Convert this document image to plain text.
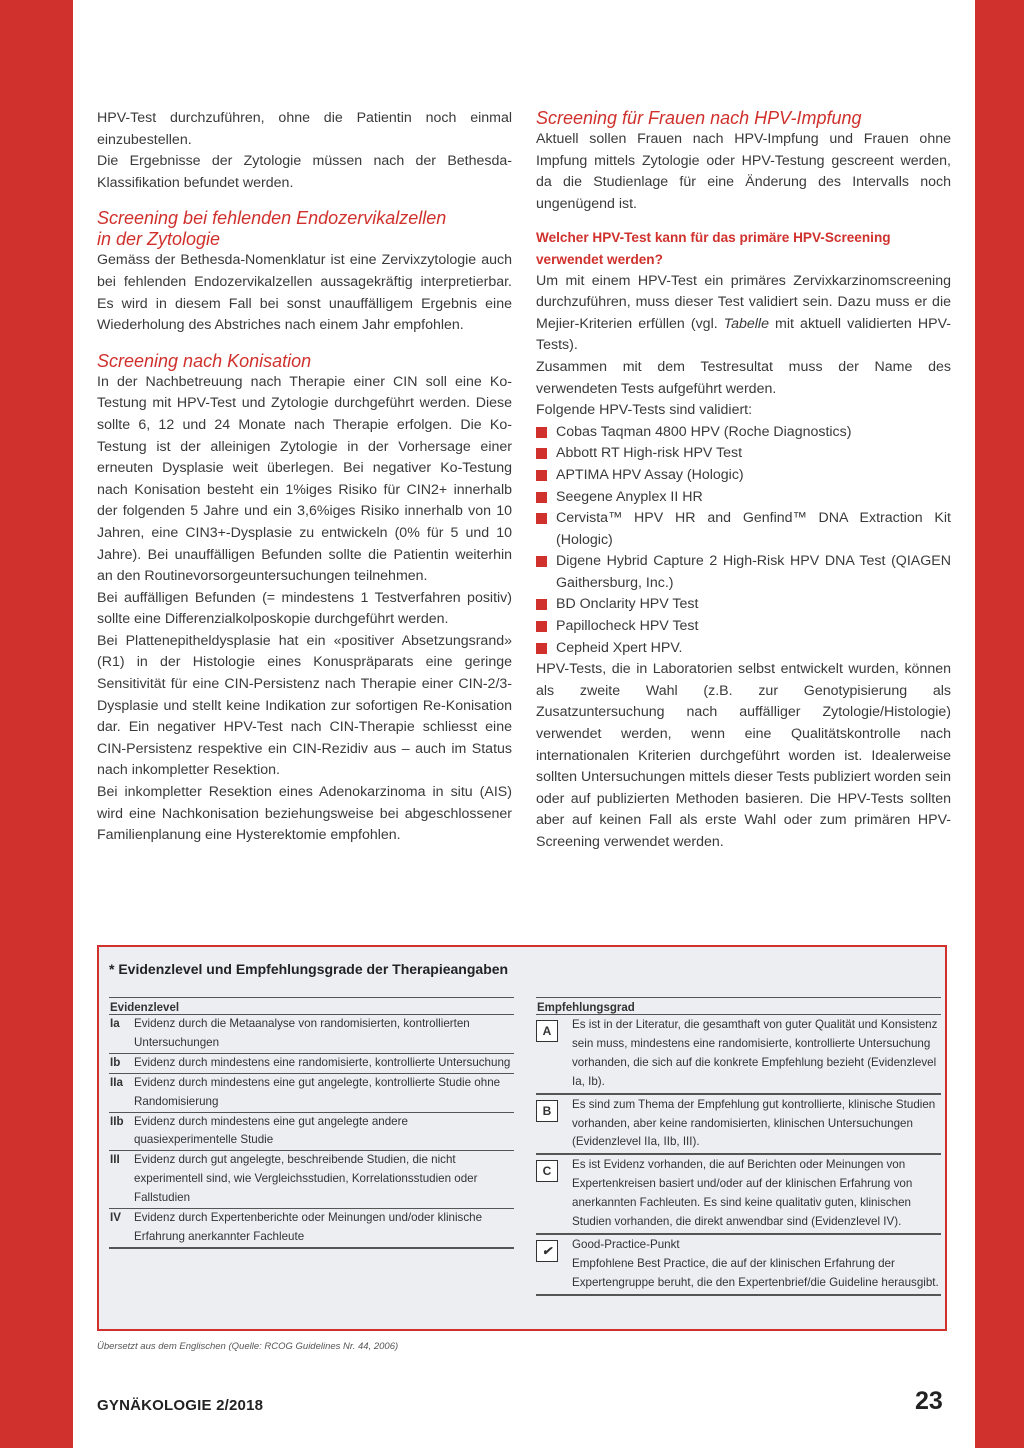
III
IIb

HPV-Test durchzuführen, ohne die Patientin noch einmal einzubestellen.

Die Ergebnisse der Zytologie müssen nach der Bethesda-Klassifikation befundet werden.

Screening bei fehlenden Endozervikalzellen
in der Zytologie

Gemäss der Bethesda-Nomenklatur ist eine Zervixzytologie auch bei fehlenden Endozervikalzellen aussagekräftig interpretierbar. Es wird in diesem Fall bei sonst unauffälligem Ergebnis eine Wiederholung des Abstriches nach einem Jahr empfohlen.

Screening nach Konisation

In der Nachbetreuung nach Therapie einer CIN soll eine Ko-Testung mit HPV-Test und Zytologie durchgeführt werden. Diese sollte 6, 12 und 24 Monate nach Therapie erfolgen. Die Ko-Testung ist der alleinigen Zytologie in der Vorhersage einer erneuten Dysplasie weit überlegen. Bei negativer Ko-Testung nach Konisation besteht ein 1%iges Risiko für CIN2+ innerhalb der folgenden 5 Jahre und ein 3,6%iges Risiko innerhalb von 10 Jahren, eine CIN3+-Dysplasie zu entwickeln (0% für 5 und 10 Jahre). Bei unauffälligen Befunden sollte die Patientin weiterhin an den Routinevorsorgeuntersuchungen teilnehmen.

Bei auffälligen Befunden (= mindestens 1 Testverfahren positiv) sollte eine Differenzialkolposkopie durchgeführt werden.

Bei Plattenepitheldysplasie hat ein «positiver Absetzungsrand» (R1) in der Histologie eines Konuspräparats eine geringe Sensitivität für eine CIN-Persistenz nach Therapie einer CIN-2/3-Dysplasie und stellt keine Indikation zur sofortigen Re-Konisation dar. Ein negativer HPV-Test nach CIN-Therapie schliesst eine CIN-Persistenz respektive ein CIN-Rezidiv aus – auch im Status nach inkompletter Resektion.

Bei inkompletter Resektion eines Adenokarzinoma in situ (AIS) wird eine Nachkonisation beziehungsweise bei abgeschlossener Familienplanung eine Hysterektomie empfohlen.

Screening für Frauen nach HPV-Impfung

Aktuell sollen Frauen nach HPV-Impfung und Frauen ohne Impfung mittels Zytologie oder HPV-Testung gescreent werden, da die Studienlage für eine Änderung des Intervalls noch ungenügend ist.

Welcher HPV-Test kann für das primäre HPV-Screening verwendet werden?

Um mit einem HPV-Test ein primäres Zervixkarzinomscreening durchzuführen, muss dieser Test validiert sein. Dazu muss er die Mejier-Kriterien erfüllen (vgl. Tabelle mit aktuell validierten HPV-Tests).

Zusammen mit dem Testresultat muss der Name des verwendeten Tests aufgeführt werden.

Folgende HPV-Tests sind validiert:

Cobas Taqman 4800 HPV (Roche Diagnostics)
Abbott RT High-risk HPV Test
APTIMA HPV Assay (Hologic)
Seegene Anyplex II HR
Cervista™ HPV HR and Genfind™ DNA Extraction Kit (Hologic)
Digene Hybrid Capture 2 High-Risk HPV DNA Test (QIAGEN Gaithersburg, Inc.)
BD Onclarity HPV Test
Papillocheck HPV Test
Cepheid Xpert HPV.

HPV-Tests, die in Laboratorien selbst entwickelt wurden, können als zweite Wahl (z.B. zur Genotypisierung als Zusatzuntersuchung nach auffälliger Zytologie/Histologie) verwendet werden, wenn eine Qualitätskontrolle nach internationalen Kriterien durchgeführt worden ist. Idealerweise sollten Untersuchungen mittels dieser Tests publiziert worden sein oder auf publizierten Methoden basieren. Die HPV-Tests sollten aber auf keinen Fall als erste Wahl oder zum primären HPV-Screening verwendet werden.

* Evidenzlevel und Empfehlungsgrade der Therapieangaben
Evidenzlevel
Ia	Evidenz durch die Metaanalyse von randomisierten, kontrollierten Untersuchungen
Ib	Evidenz durch mindestens eine randomisierte, kontrollierte Untersuchung
IIa Evidenz durch mindestens eine gut angelegte, kontrollierte Studie ohne Randomisierung
IIb Evidenz durch mindestens eine gut angelegte andere quasiexperimentelle Studie
III	Evidenz durch gut angelegte, beschreibende Studien, die nicht experimentell sind, wie Vergleichsstudien, Korrelationsstudien oder Fallstudien
IV	Evidenz durch Expertenberichte oder Meinungen und/oder klinische Erfahrung anerkannter Fachleute
Empfehlungsgrad
A	Es ist in der Literatur, die gesamthaft von guter Qualität und Konsistenz sein muss, mindestens eine randomisierte, kontrollierte Untersuchung vorhanden, die sich auf die konkrete Empfehlung bezieht (Evidenzlevel Ia, Ib).
B	Es sind zum Thema der Empfehlung gut kontrollierte, klinische Studien vorhanden, aber keine randomisierten, klinischen Untersuchungen (Evidenzlevel IIa, IIb, III).
C	Es ist Evidenz vorhanden, die auf Berichten oder Meinungen von Expertenkreisen basiert und/oder auf der klinischen Erfahrung von anerkannten Fachleuten. Es sind keine qualitativ guten, klinischen Studien vorhanden, die direkt anwendbar sind (Evidenzlevel IV).
✔	Good-Practice-Punkt
Empfohlene Best Practice, die auf der klinischen Erfahrung der Expertengruppe beruht, die den Expertenbrief/die Guideline herausgibt.
Übersetzt aus dem Englischen (Quelle: RCOG Guidelines Nr. 44, 2006)
GYNÄKOLOGIE 2/2018	23
